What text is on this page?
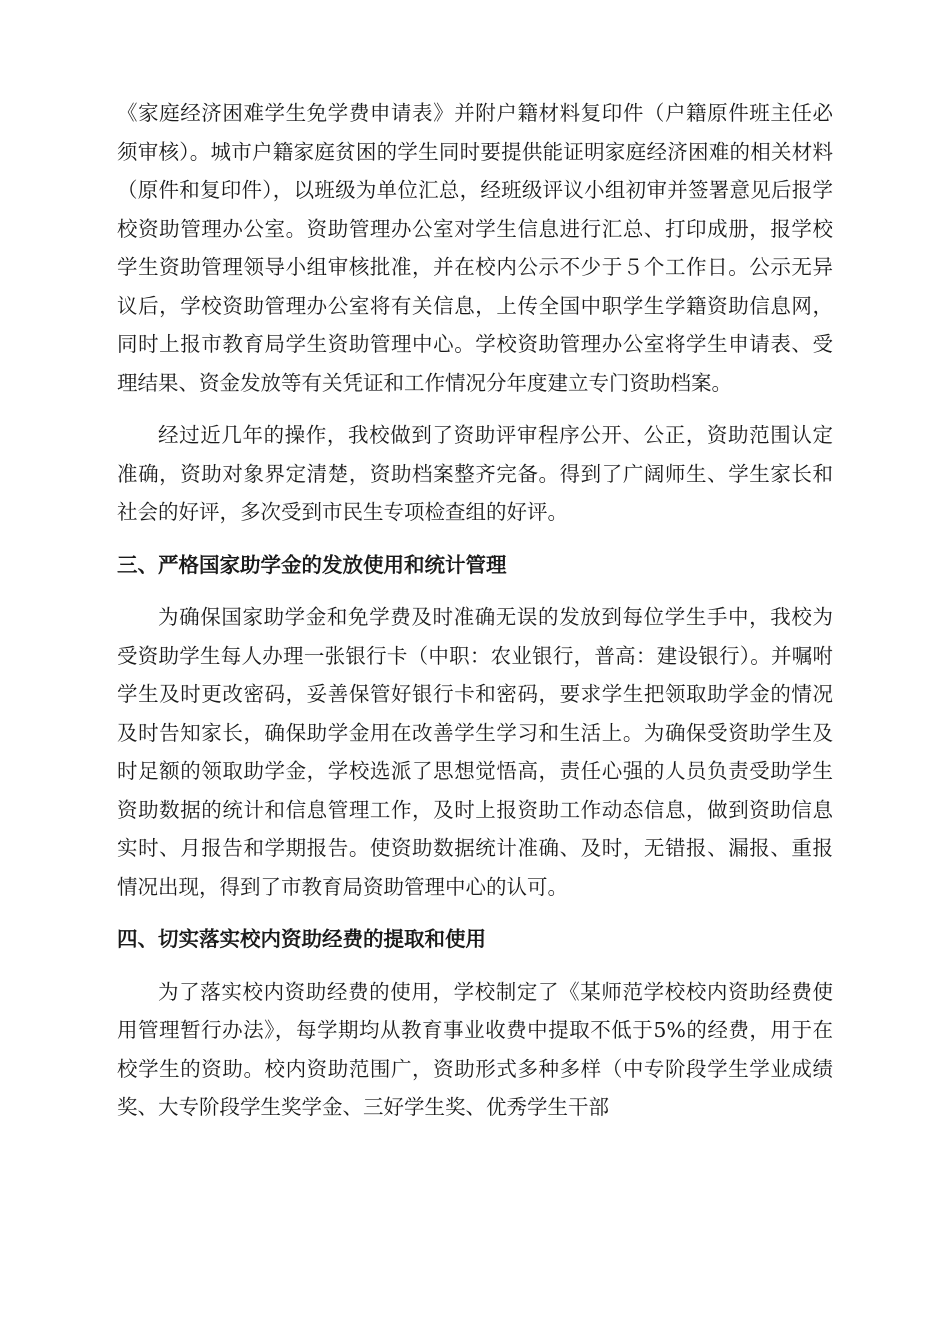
《家庭经济困难学生免学费申请表》并附户籍材料复印件（户籍原件班主任必须审核）。城市户籍家庭贫困的学生同时要提供能证明家庭经济困难的相关材料（原件和复印件），以班级为单位汇总，经班级评议小组初审并签署意见后报学校资助管理办公室。资助管理办公室对学生信息进行汇总、打印成册，报学校学生资助管理领导小组审核批准，并在校内公示不少于５个工作日。公示无异议后，学校资助管理办公室将有关信息，上传全国中职学生学籍资助信息网，同时上报市教育局学生资助管理中心。学校资助管理办公室将学生申请表、受理结果、资金发放等有关凭证和工作情况分年度建立专门资助档案。

经过近几年的操作，我校做到了资助评审程序公开、公正，资助范围认定准确，资助对象界定清楚，资助档案整齐完备。得到了广阔师生、学生家长和社会的好评，多次受到市民生专项检查组的好评。

三、严格国家助学金的发放使用和统计管理

为确保国家助学金和免学费及时准确无误的发放到每位学生手中，我校为受资助学生每人办理一张银行卡（中职：农业银行，普高：建设银行）。并嘱咐学生及时更改密码，妥善保管好银行卡和密码，要求学生把领取助学金的情况及时告知家长，确保助学金用在改善学生学习和生活上。为确保受资助学生及时足额的领取助学金，学校选派了思想觉悟高，责任心强的人员负责受助学生资助数据的统计和信息管理工作，及时上报资助工作动态信息，做到资助信息实时、月报告和学期报告。使资助数据统计准确、及时，无错报、漏报、重报情况出现，得到了市教育局资助管理中心的认可。

四、切实落实校内资助经费的提取和使用

为了落实校内资助经费的使用，学校制定了《某师范学校校内资助经费使用管理暂行办法》，每学期均从教育事业收费中提取不低于5%的经费，用于在校学生的资助。校内资助范围广，资助形式多种多样（中专阶段学生学业成绩奖、大专阶段学生奖学金、三好学生奖、优秀学生干部
